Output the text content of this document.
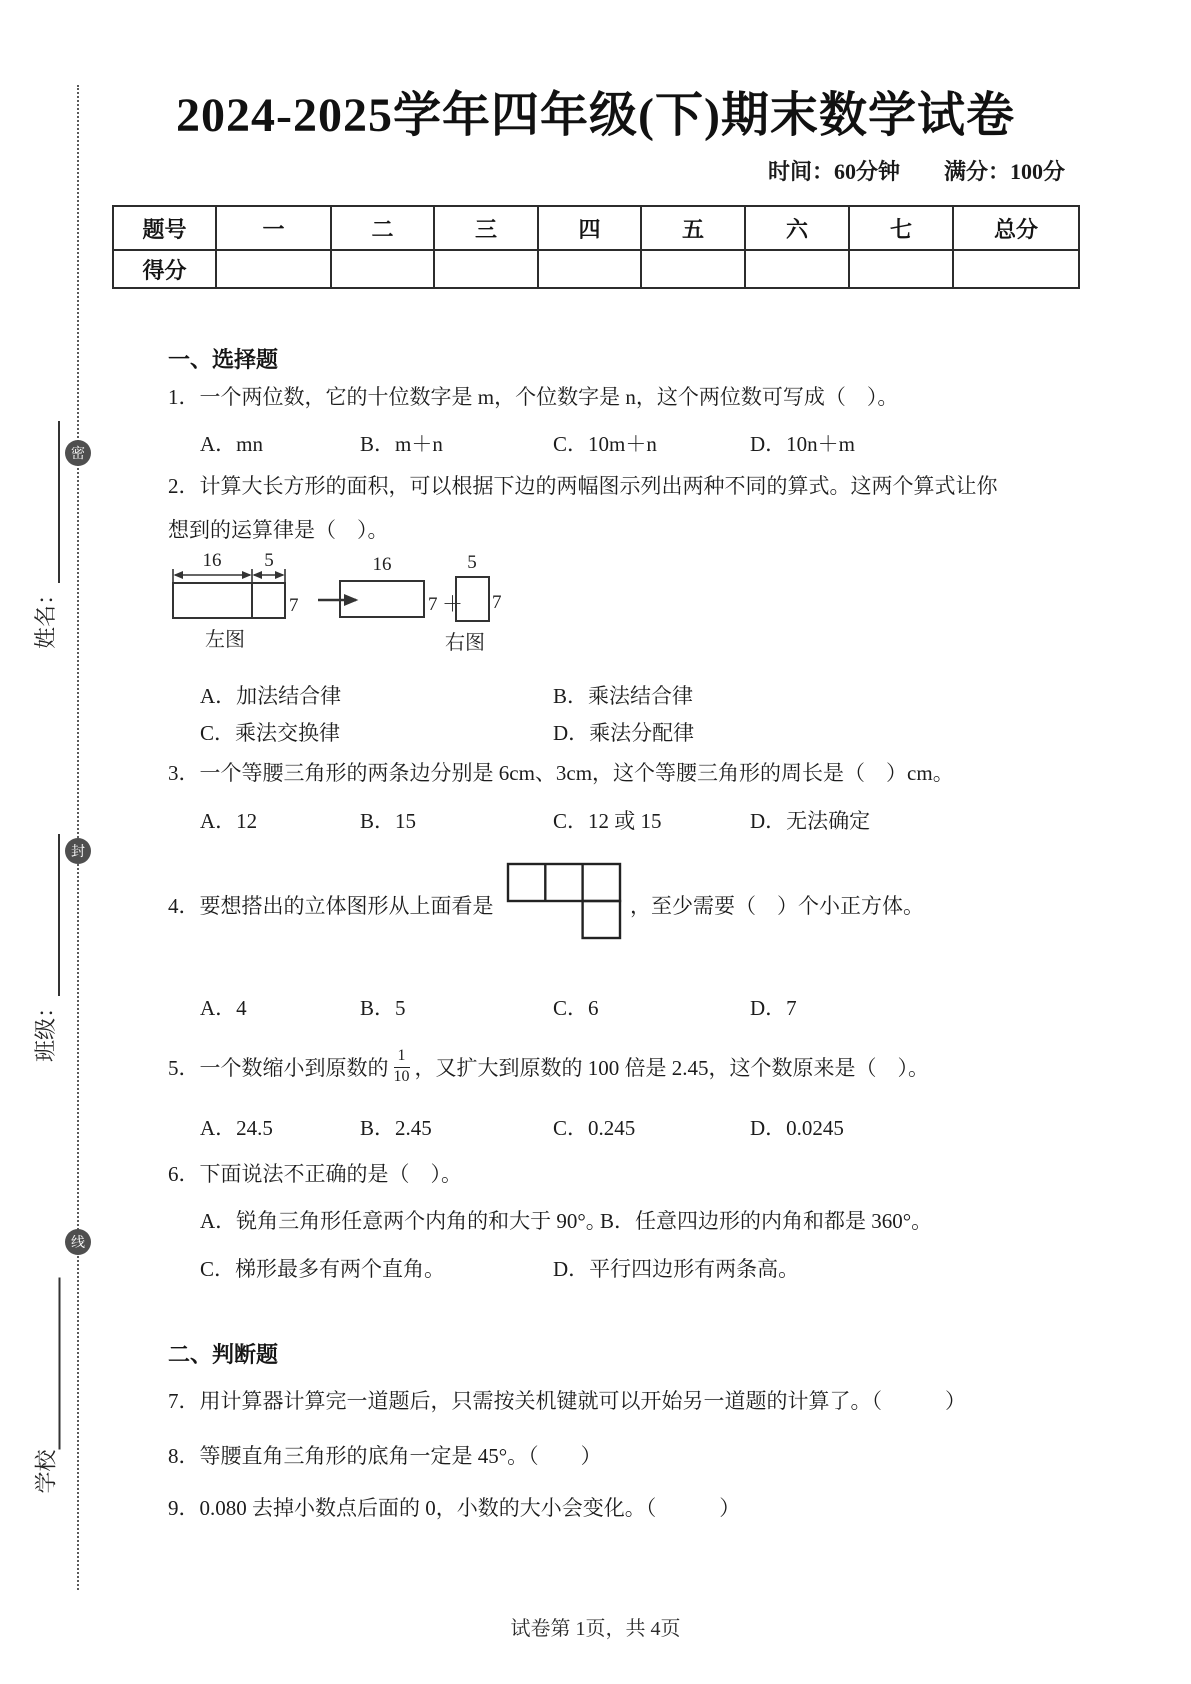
2024-2025学年四年级(下)期末数学试卷
时间：60分钟　　满分：100分
题号	一	二	三	四	五	六	七	总分
得分								
密
封
线
姓名：
班级：
学校
一、选择题
1．一个两位数，它的十位数字是 m，个位数字是 n，这个两位数可写成（　）。
A．mn	B．m＋n	C．10m＋n	D．10n＋m
2．计算大长方形的面积，可以根据下边的两幅图示列出两种不同的算式。这两个算式让你
想到的运算律是（　）。
16 5
7
左图
16
7 ＋
5
7
右图
A．加法结合律	B．乘法结合律
C．乘法交换律	D．乘法分配律
3．一个等腰三角形的两条边分别是 6cm、3cm，这个等腰三角形的周长是（　）cm。
A．12	B．15	C．12 或 15	D．无法确定
4．要想搭出的立体图形从上面看是	，至少需要（　）个小正方体。
A．4	B．5	C．6	D．7
5．一个数缩小到原数的 $\frac{1}{10}$ ，又扩大到原数的 100 倍是 2.45，这个数原来是（　）。
A．24.5	B．2.45	C．0.245	D．0.0245
6．下面说法不正确的是（　）。
A．锐角三角形任意两个内角的和大于 90°。
B．任意四边形的内角和都是 360°。
C．梯形最多有两个直角。	D．平行四边形有两条高。
二、判断题
7．用计算器计算完一道题后，只需按关机键就可以开始另一道题的计算了。（　　　）
8．等腰直角三角形的底角一定是 45°。（　　）
9．0.080 去掉小数点后面的 0，小数的大小会变化。（　　　）
试卷第 1页，共 4页
